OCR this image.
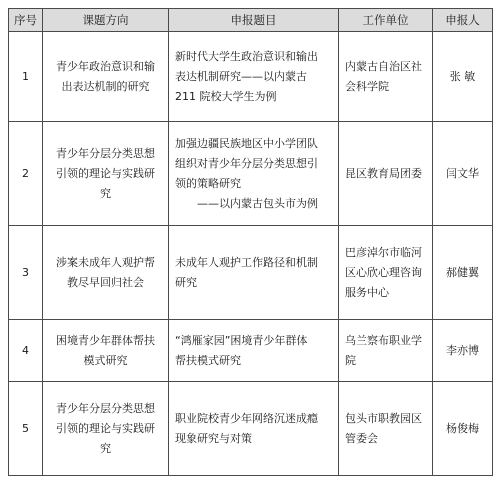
序号	课题方向	申报题目	工作单位	申报人
1	青少年政治意识和输出表达机制的研究	新时代大学生政治意识和输出
表达机制研究——以内蒙古
211 院校大学生为例	内蒙古自治区社会科学院	张 敏
2	青少年分层分类思想引领的理论与实践研究	加强边疆民族地区中小学团队
组织对青少年分层分类思想引
领的策略研究
——以内蒙古包头市为例	昆区教育局团委	闫文华
3	涉案未成年人观护帮教尽早回归社会	未成年人观护工作路径和机制
研究	巴彦淖尔市临河区心欣心理咨询服务中心	郝健翼
4	困境青少年群体帮扶模式研究	“鸿雁家园”困境青少年群体
帮扶模式研究	乌兰察布职业学院	李亦博
5	青少年分层分类思想引领的理论与实践研究	职业院校青少年网络沉迷成瘾
现象研究与对策	包头市职教园区管委会	杨俊梅
